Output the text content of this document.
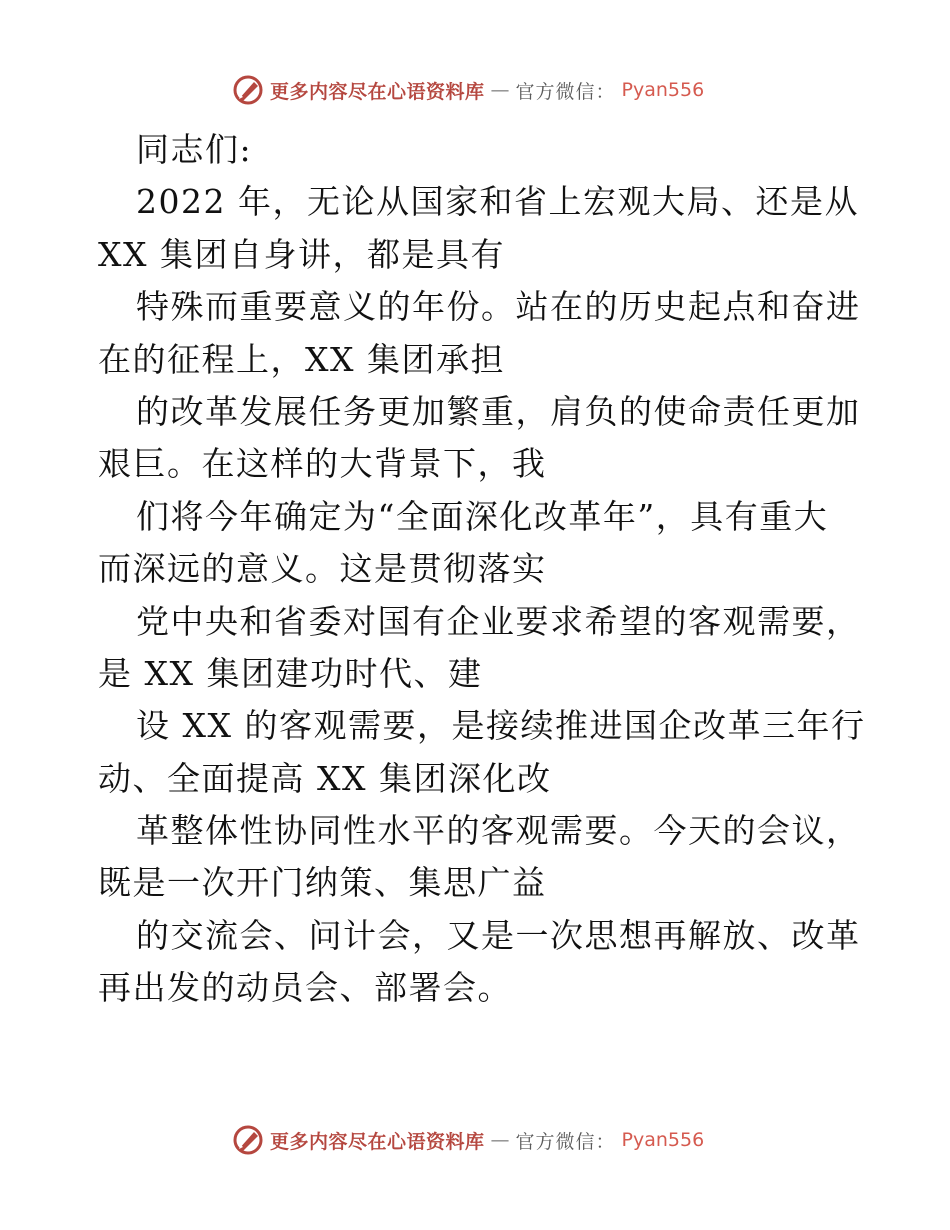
更多内容尽在心语资料库 — 官方微信： Pyan556
同志们:
2022 年，无论从国家和省上宏观大局、还是从
XX 集团自身讲，都是具有
特殊而重要意义的年份。站在的历史起点和奋进
在的征程上，XX 集团承担
的改革发展任务更加繁重，肩负的使命责任更加
艰巨。在这样的大背景下，我
们将今年确定为“全面深化改革年”，具有重大
而深远的意义。这是贯彻落实
党中央和省委对国有企业要求希望的客观需要，
是 XX 集团建功时代、建
设 XX 的客观需要，是接续推进国企改革三年行
动、全面提高 XX 集团深化改
革整体性协同性水平的客观需要。今天的会议，
既是一次开门纳策、集思广益
的交流会、问计会，又是一次思想再解放、改革
再出发的动员会、部署会。
更多内容尽在心语资料库 — 官方微信： Pyan556
